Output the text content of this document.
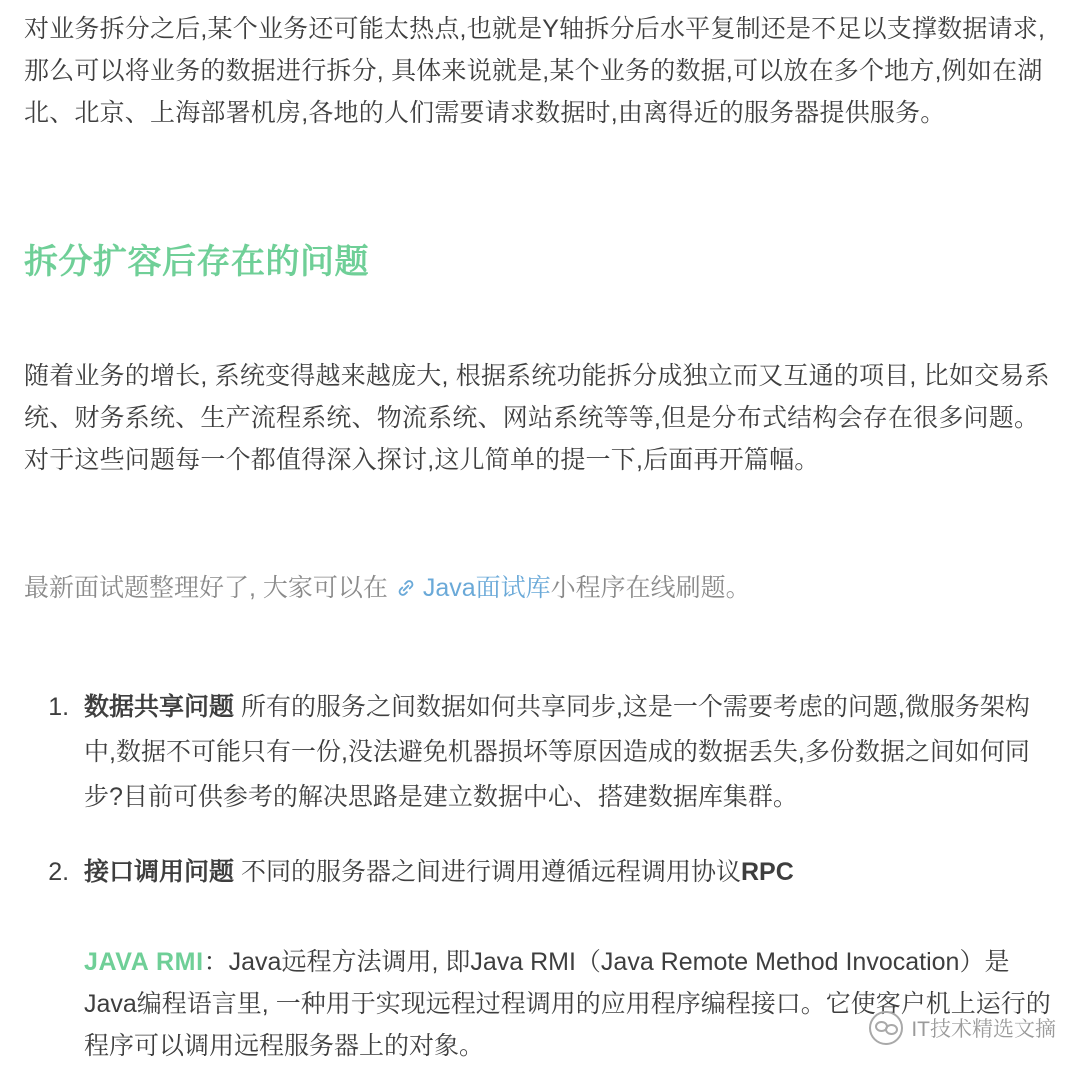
对业务拆分之后,某个业务还可能太热点,也就是Y轴拆分后水平复制还是不足以支撑数据请求,那么可以将业务的数据进行拆分, 具体来说就是,某个业务的数据,可以放在多个地方,例如在湖北、北京、上海部署机房,各地的人们需要请求数据时,由离得近的服务器提供服务。

拆分扩容后存在的问题

随着业务的增长, 系统变得越来越庞大, 根据系统功能拆分成独立而又互通的项目, 比如交易系统、财务系统、生产流程系统、物流系统、网站系统等等,但是分布式结构会存在很多问题。对于这些问题每一个都值得深入探讨,这儿简单的提一下,后面再开篇幅。

最新面试题整理好了, 大家可以在 Java面试库小程序在线刷题。

1. 数据共享问题 所有的服务之间数据如何共享同步,这是一个需要考虑的问题,微服务架构中,数据不可能只有一份,没法避免机器损坏等原因造成的数据丢失,多份数据之间如何同步?目前可供参考的解决思路是建立数据中心、搭建数据库集群。
2. 接口调用问题 不同的服务器之间进行调用遵循远程调用协议RPC
JAVA RMI：Java远程方法调用, 即Java RMI（Java Remote Method Invocation）是Java编程语言里, 一种用于实现远程过程调用的应用程序编程接口。它使客户机上运行的程序可以调用远程服务器上的对象。
IT技术精选文摘
